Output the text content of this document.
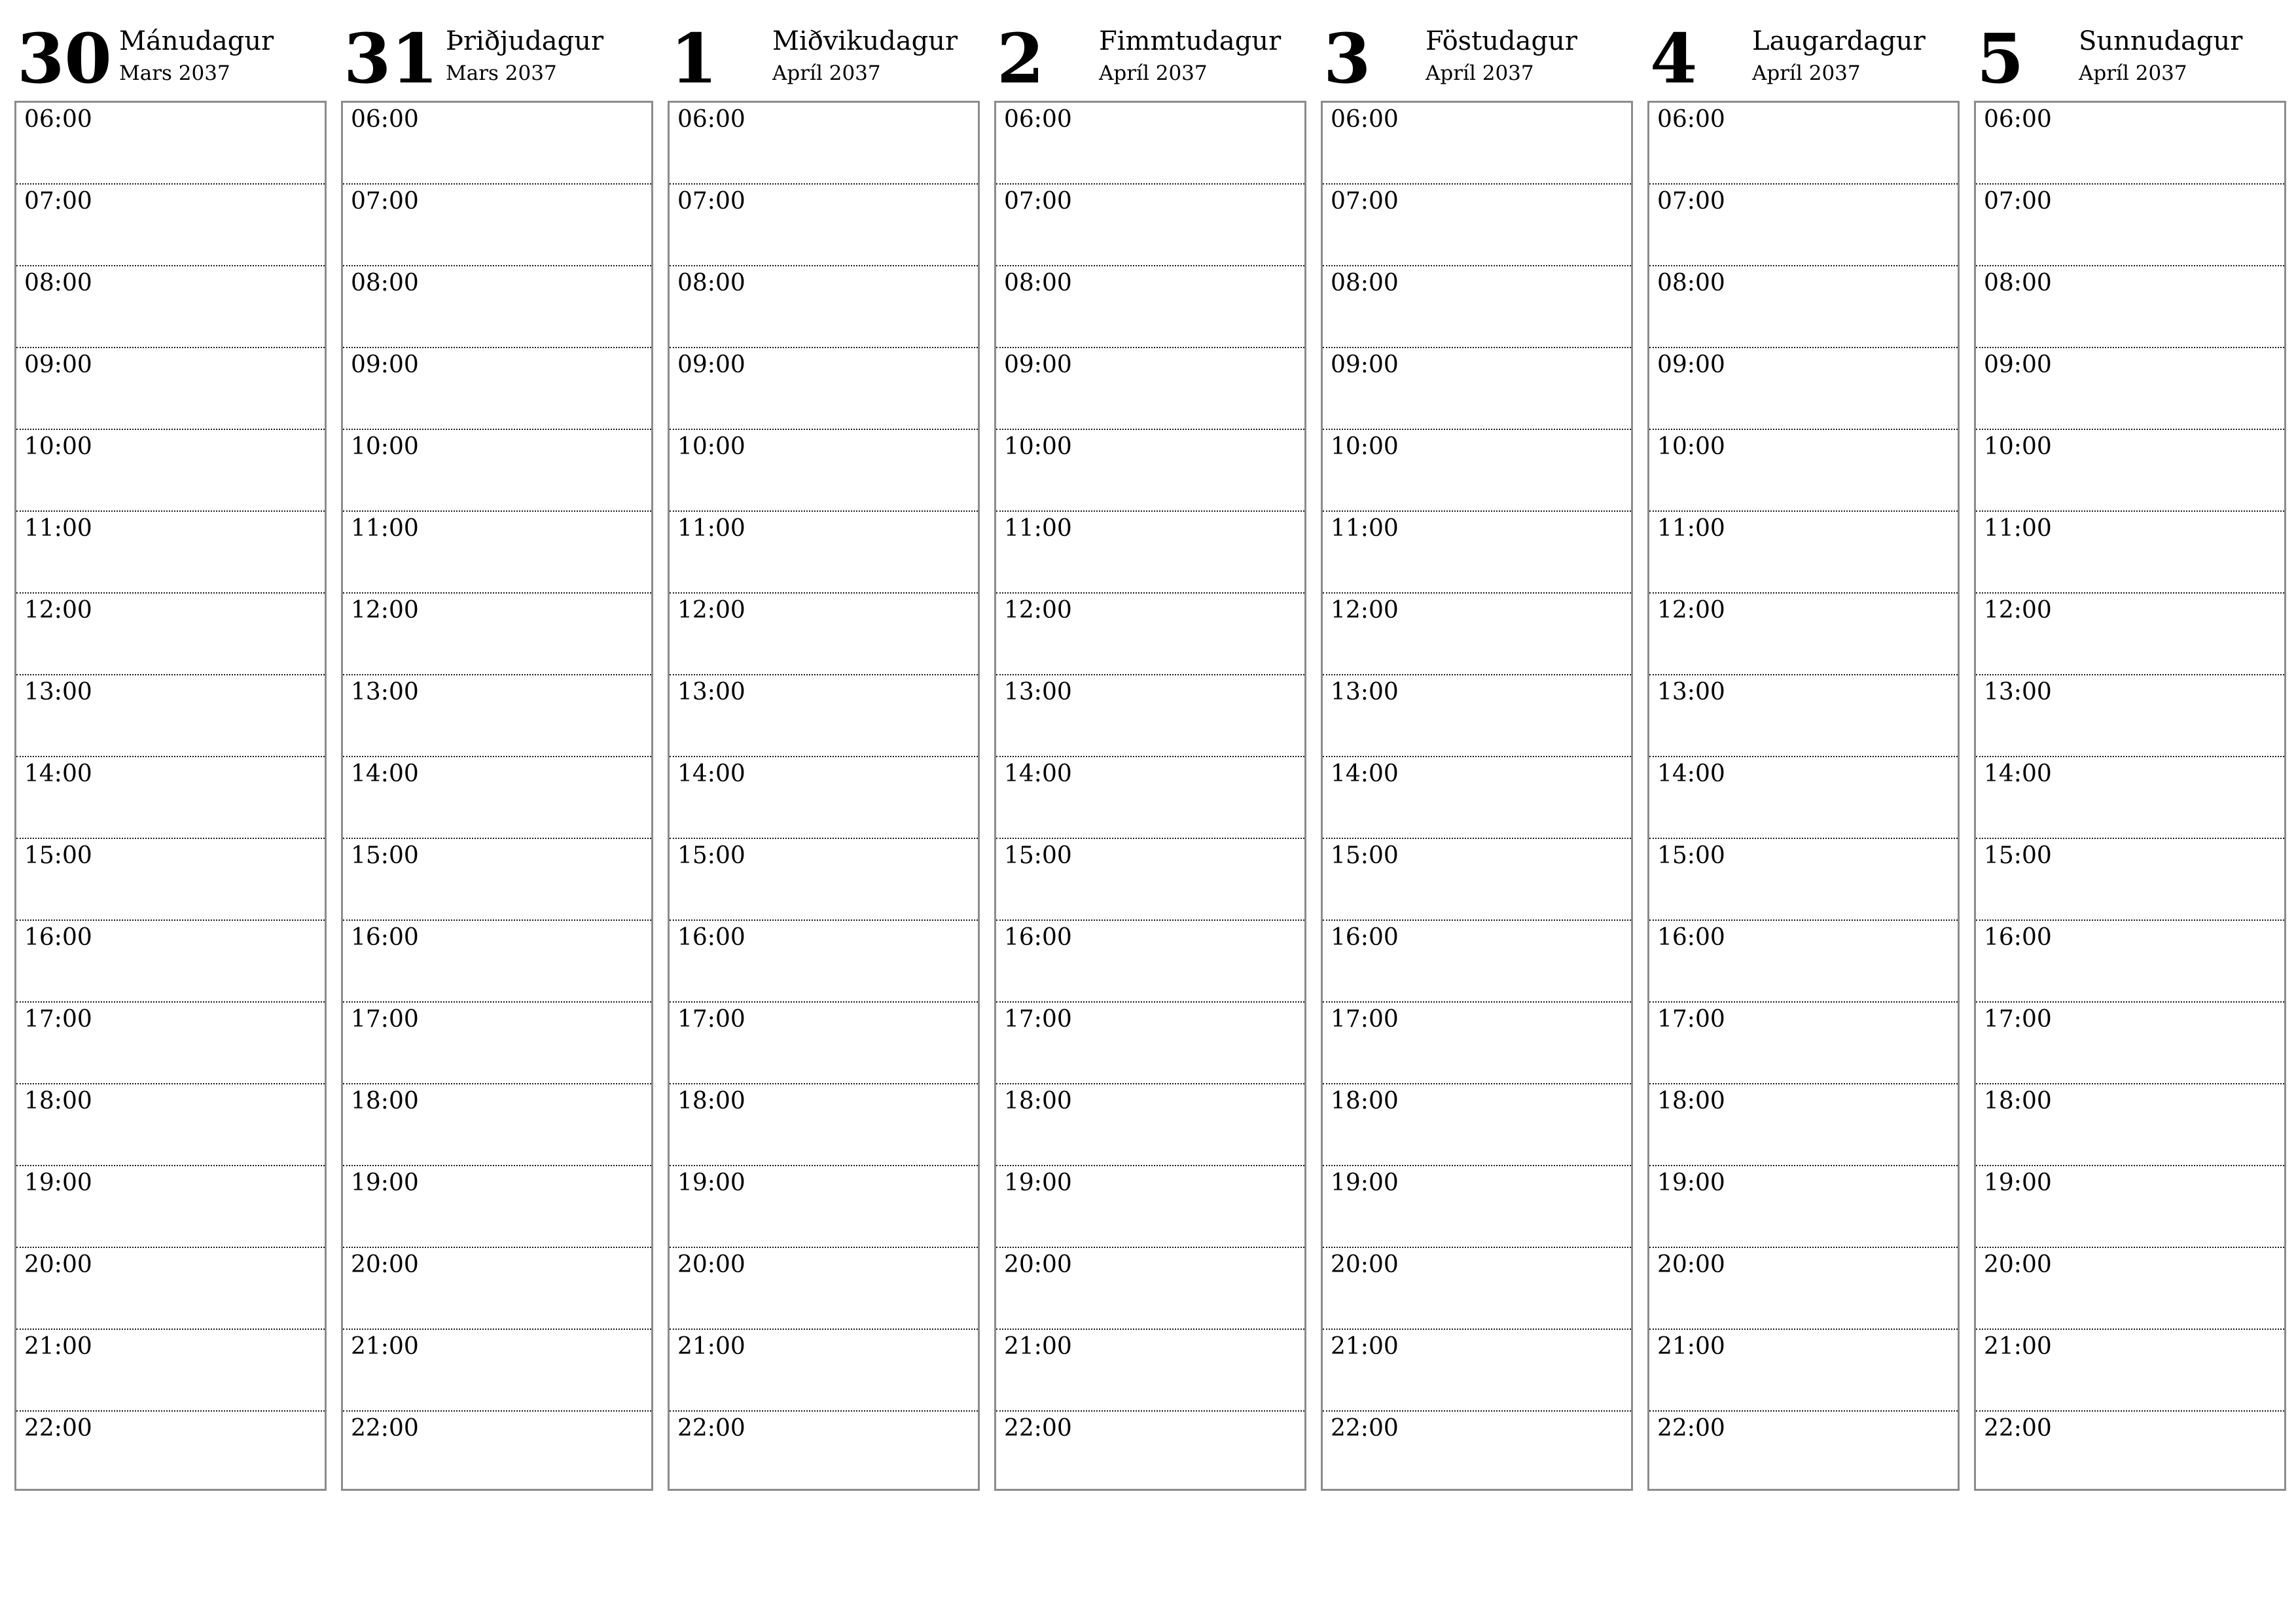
30 Mánudagur
Mars 2037
06:00
07:00
08:00
09:00
10:00
11:00
12:00
13:00
14:00
15:00
16:00
17:00
18:00
19:00
20:00
21:00
22:00
31 Þriðjudagur
Mars 2037
06:00
07:00
08:00
09:00
10:00
11:00
12:00
13:00
14:00
15:00
16:00
17:00
18:00
19:00
20:00
21:00
22:00
1 Miðvikudagur
Apríl 2037
06:00
07:00
08:00
09:00
10:00
11:00
12:00
13:00
14:00
15:00
16:00
17:00
18:00
19:00
20:00
21:00
22:00
2 Fimmtudagur
Apríl 2037
06:00
07:00
08:00
09:00
10:00
11:00
12:00
13:00
14:00
15:00
16:00
17:00
18:00
19:00
20:00
21:00
22:00
3 Föstudagur
Apríl 2037
06:00
07:00
08:00
09:00
10:00
11:00
12:00
13:00
14:00
15:00
16:00
17:00
18:00
19:00
20:00
21:00
22:00
4 Laugardagur
Apríl 2037
06:00
07:00
08:00
09:00
10:00
11:00
12:00
13:00
14:00
15:00
16:00
17:00
18:00
19:00
20:00
21:00
22:00
5 Sunnudagur
Apríl 2037
06:00
07:00
08:00
09:00
10:00
11:00
12:00
13:00
14:00
15:00
16:00
17:00
18:00
19:00
20:00
21:00
22:00
